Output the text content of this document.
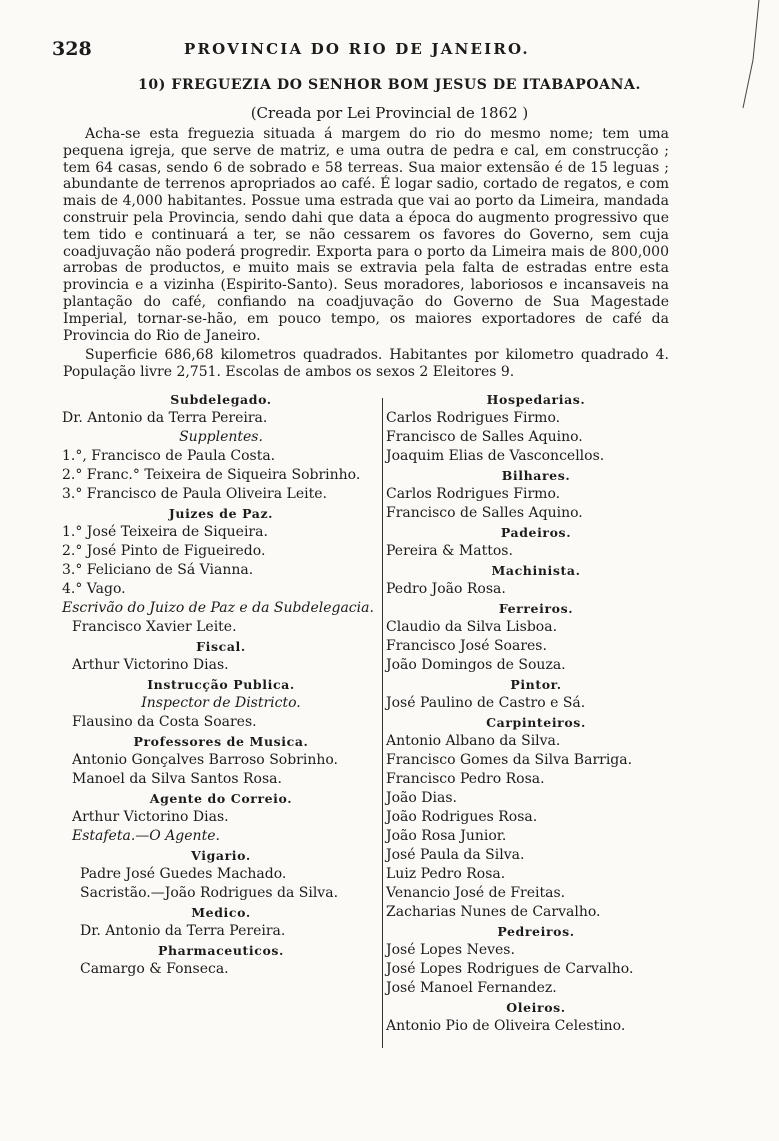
328	PROVINCIA DO RIO DE JANEIRO.
10) FREGUEZIA DO SENHOR BOM JESUS DE ITABAPOANA.
(Creada por Lei Provincial de 1862 )
Acha-se esta freguezia situada á margem do rio do mesmo nome; tem uma pequena igreja, que serve de matriz, e uma outra de pedra e cal, em construcção ; tem 64 casas, sendo 6 de sobrado e 58 terreas. Sua maior extensão é de 15 leguas ; abundante de terrenos apropriados ao café. É logar sadio, cortado de regatos, e com mais de 4,000 habitantes. Possue uma estrada que vai ao porto da Limeira, mandada construir pela Provincia, sendo dahi que data a época do augmento progressivo que tem tido e continuará a ter, se não cessarem os favores do Governo, sem cuja coadjuvação não poderá progredir. Exporta para o porto da Limeira mais de 800,000 arrobas de productos, e muito mais se extravia pela falta de estradas entre esta provincia e a vizinha (Espirito-Santo). Seus moradores, laboriosos e incansaveis na plantação do café, confiando na coadjuvação do Governo de Sua Magestade Imperial, tornar-se-hão, em pouco tempo, os maiores exportadores de café da Provincia do Rio de Janeiro.
Superficie 686,68 kilometros quadrados. Habitantes por kilometro quadrado 4. População livre 2,751. Escolas de ambos os sexos 2 Eleitores 9.
Subdelegado.
Dr. Antonio da Terra Pereira.
Supplentes.
1.°, Francisco de Paula Costa.
2.° Franc.° Teixeira de Siqueira Sobrinho.
3.° Francisco de Paula Oliveira Leite.
Juizes de Paz.
1.° José Teixeira de Siqueira.
2.° José Pinto de Figueiredo.
3.° Feliciano de Sá Vianna.
4.° Vago.
Escrivão do Juizo de Paz e da Subdelegacia.
Francisco Xavier Leite.
Fiscal.
Arthur Victorino Dias.
Instrucção Publica.
Inspector de Districto.
Flausino da Costa Soares.
Professores de Musica.
Antonio Gonçalves Barroso Sobrinho.
Manoel da Silva Santos Rosa.
Agente do Correio.
Arthur Victorino Dias.
Estafeta.—O Agente.
Vigario.
Padre José Guedes Machado.
Sacristão.—João Rodrigues da Silva.
Medico.
Dr. Antonio da Terra Pereira.
Pharmaceuticos.
Camargo & Fonseca.
Hospedarias.
Carlos Rodrigues Firmo.
Francisco de Salles Aquino.
Joaquim Elias de Vasconcellos.
Bilhares.
Carlos Rodrigues Firmo.
Francisco de Salles Aquino.
Padeiros.
Pereira & Mattos.
Machinista.
Pedro João Rosa.
Ferreiros.
Claudio da Silva Lisboa.
Francisco José Soares.
João Domingos de Souza.
Pintor.
José Paulino de Castro e Sá.
Carpinteiros.
Antonio Albano da Silva.
Francisco Gomes da Silva Barriga.
Francisco Pedro Rosa.
João Dias.
João Rodrigues Rosa.
João Rosa Junior.
José Paula da Silva.
Luiz Pedro Rosa.
Venancio José de Freitas.
Zacharias Nunes de Carvalho.
Pedreiros.
José Lopes Neves.
José Lopes Rodrigues de Carvalho.
José Manoel Fernandez.
Oleiros.
Antonio Pio de Oliveira Celestino.
